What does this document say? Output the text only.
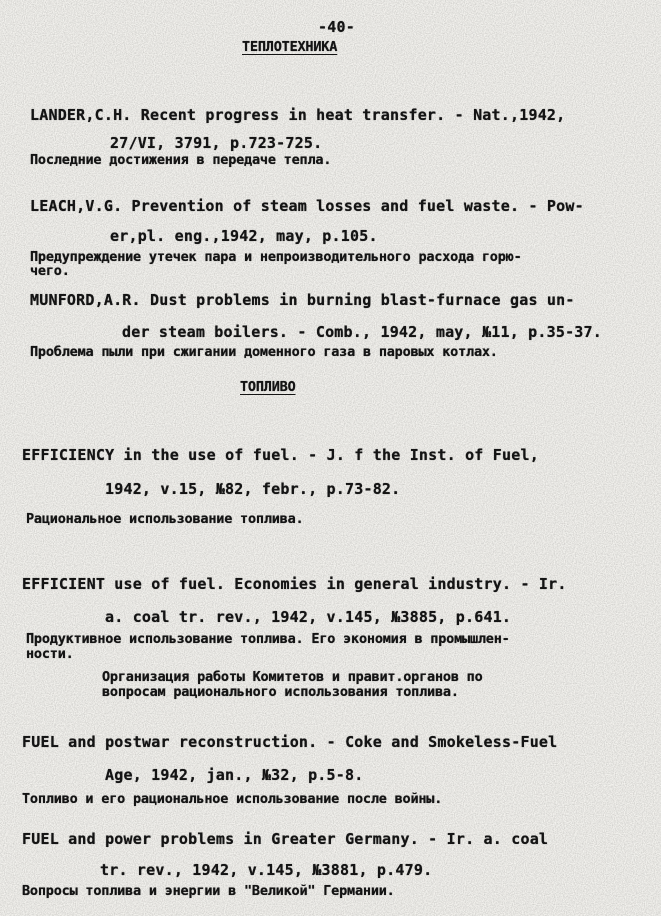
-40-
ТЕПЛОТЕХНИКА
LANDER,C.H. Recent progress in heat transfer. - Nat.,1942,
27/VI, 3791, p.723-725.
Последние достижения в передаче тепла.
LEACH,V.G. Prevention of steam losses and fuel waste. - Pow-
er,pl. eng.,1942, may, p.105.
Предупреждение утечек пара и непроизводительного расхода горю-
чего.
MUNFORD,A.R. Dust problems in burning blast-furnace gas un-
der steam boilers. - Comb., 1942, may, №11, p.35-37.
Проблема пыли при сжигании доменного газа в паровых котлах.
ТОПЛИВО
EFFICIENCY in the use of fuel. - J. f the Inst. of Fuel,
1942, v.15, №82, febr., p.73-82.
Рациональное использование топлива.
EFFICIENT use of fuel. Economies in general industry. - Ir.
a. coal tr. rev., 1942, v.145, №3885, p.641.
Продуктивное использование топлива. Его экономия в промышлен-
ности.
Организация работы Комитетов и правит.органов по
вопросам рационального использования топлива.
FUEL and postwar reconstruction. - Coke and Smokeless-Fuel
Age, 1942, jan., №32, p.5-8.
Топливо и его рациональное использование после войны.
FUEL and power problems in Greater Germany. - Ir. a. coal
tr. rev., 1942, v.145, №3881, p.479.
Вопросы топлива и энергии в "Великой" Германии.
